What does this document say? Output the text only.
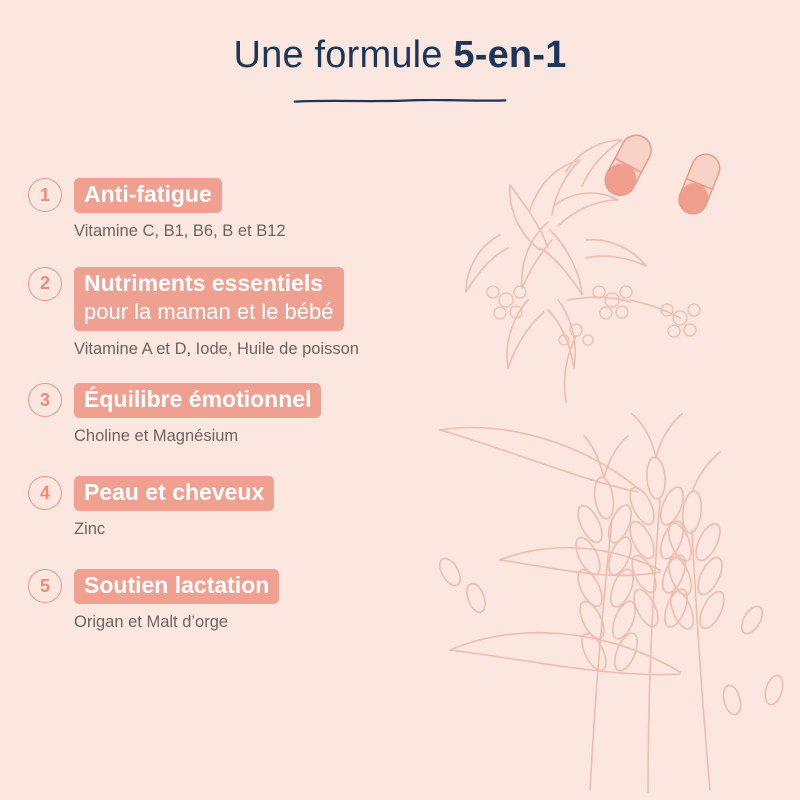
Une formule 5-en-1
1	Anti-fatigue
Vitamine C, B1, B6, B et B12
2	Nutriments essentiels
pour la maman et le bébé
Vitamine A et D, Iode, Huile de poisson
3	Équilibre émotionnel
Choline et Magnésium
4	Peau et cheveux
Zinc
5	Soutien lactation
Origan et Malt d’orge
